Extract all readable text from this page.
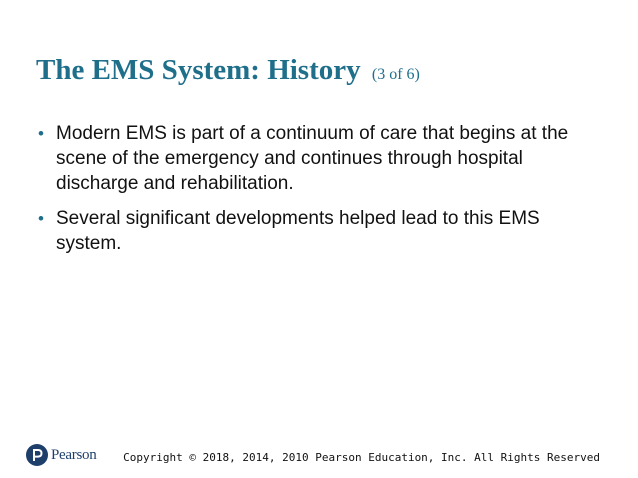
The EMS System: History (3 of 6)
• Modern EMS is part of a continuum of care that begins at the scene of the emergency and continues through hospital discharge and rehabilitation.
• Several significant developments helped lead to this EMS system.
Pearson Copyright © 2018, 2014, 2010 Pearson Education, Inc. All Rights Reserved
